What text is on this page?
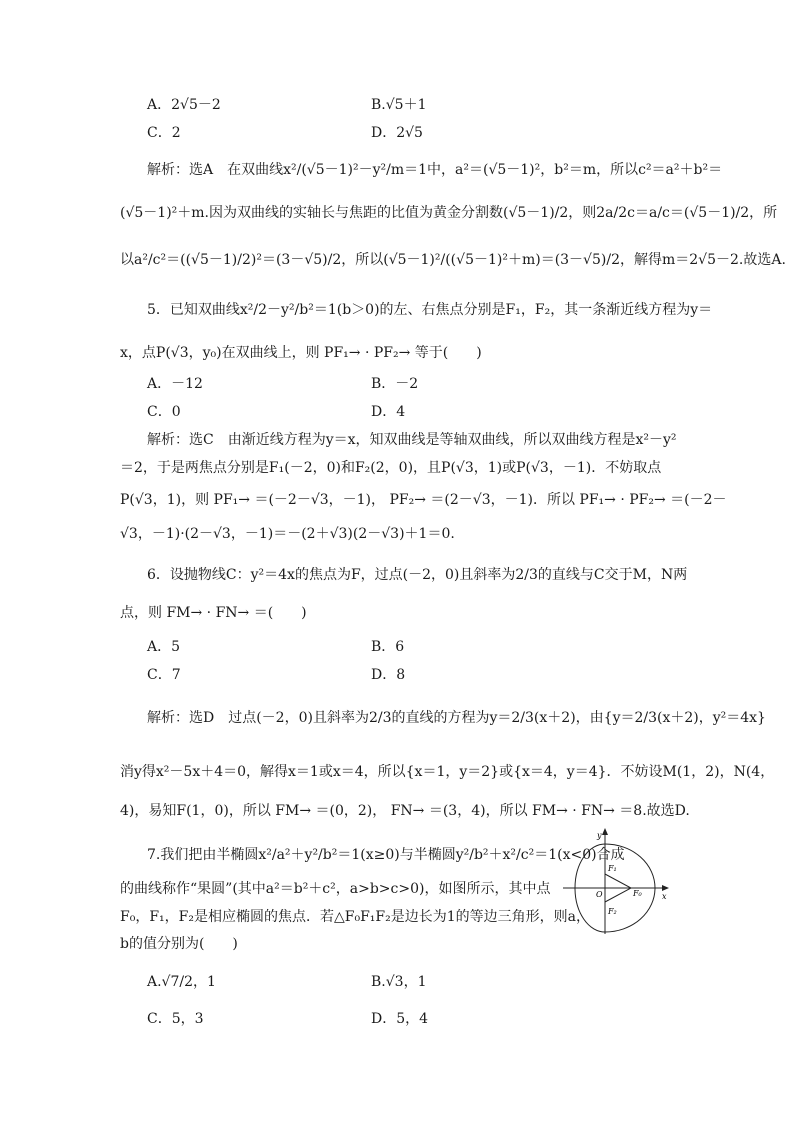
A．2√5－2	B.√5＋1
C．2	D．2√5
解析：选A　在双曲线x²/(√5－1)²－y²/m＝1中，a²＝(√5－1)²，b²＝m，所以c²＝a²＋b²＝
(√5－1)²＋m.因为双曲线的实轴长与焦距的比值为黄金分割数(√5－1)/2，则2a/2c＝a/c＝(√5－1)/2，所
以a²/c²＝((√5－1)/2)²＝(3－√5)/2，所以(√5－1)²/((√5－1)²＋m)＝(3－√5)/2，解得m＝2√5－2.故选A.
5．已知双曲线x²/2－y²/b²＝1(b＞0)的左、右焦点分别是F₁，F₂，其一条渐近线方程为y＝
x，点P(√3，y₀)在双曲线上，则 PF₁→ · PF₂→ 等于(　　)
A．－12	B．－2
C．0	D．4
解析：选C　由渐近线方程为y＝x，知双曲线是等轴双曲线，所以双曲线方程是x²－y²
＝2，于是两焦点分别是F₁(－2，0)和F₂(2，0)，且P(√3，1)或P(√3，－1)．不妨取点
P(√3，1)，则 PF₁→ ＝(－2－√3，－1)， PF₂→ ＝(2－√3，－1)．所以 PF₁→ · PF₂→ ＝(－2－
√3，－1)·(2－√3，－1)＝－(2＋√3)(2－√3)＋1＝0.
6．设抛物线C：y²＝4x的焦点为F，过点(－2，0)且斜率为2/3的直线与C交于M，N两
点，则 FM→ · FN→ ＝(　　)
A．5	B．6
C．7	D．8
解析：选D　过点(－2，0)且斜率为2/3的直线的方程为y＝2/3(x＋2)，由{y＝2/3(x＋2)，y²＝4x}
消y得x²－5x＋4＝0，解得x＝1或x＝4，所以{x＝1，y＝2}或{x＝4，y＝4}．不妨设M(1，2)，N(4，
4)，易知F(1，0)，所以 FM→ ＝(0，2)， FN→ ＝(3，4)，所以 FM→ · FN→ ＝8.故选D.
7.我们把由半椭圆x²/a²＋y²/b²＝1(x≥0)与半椭圆y²/b²＋x²/c²＝1(x<0)合成
的曲线称作“果圆”(其中a²＝b²＋c²，a>b>c>0)，如图所示，其中点
F₀，F₁，F₂是相应椭圆的焦点．若△F₀F₁F₂是边长为1的等边三角形，则a，
b的值分别为(　　)
A.√7/2，1	B.√3，1
C．5，3	D．5，4
y
x
O
F₁
F₀
F₂
